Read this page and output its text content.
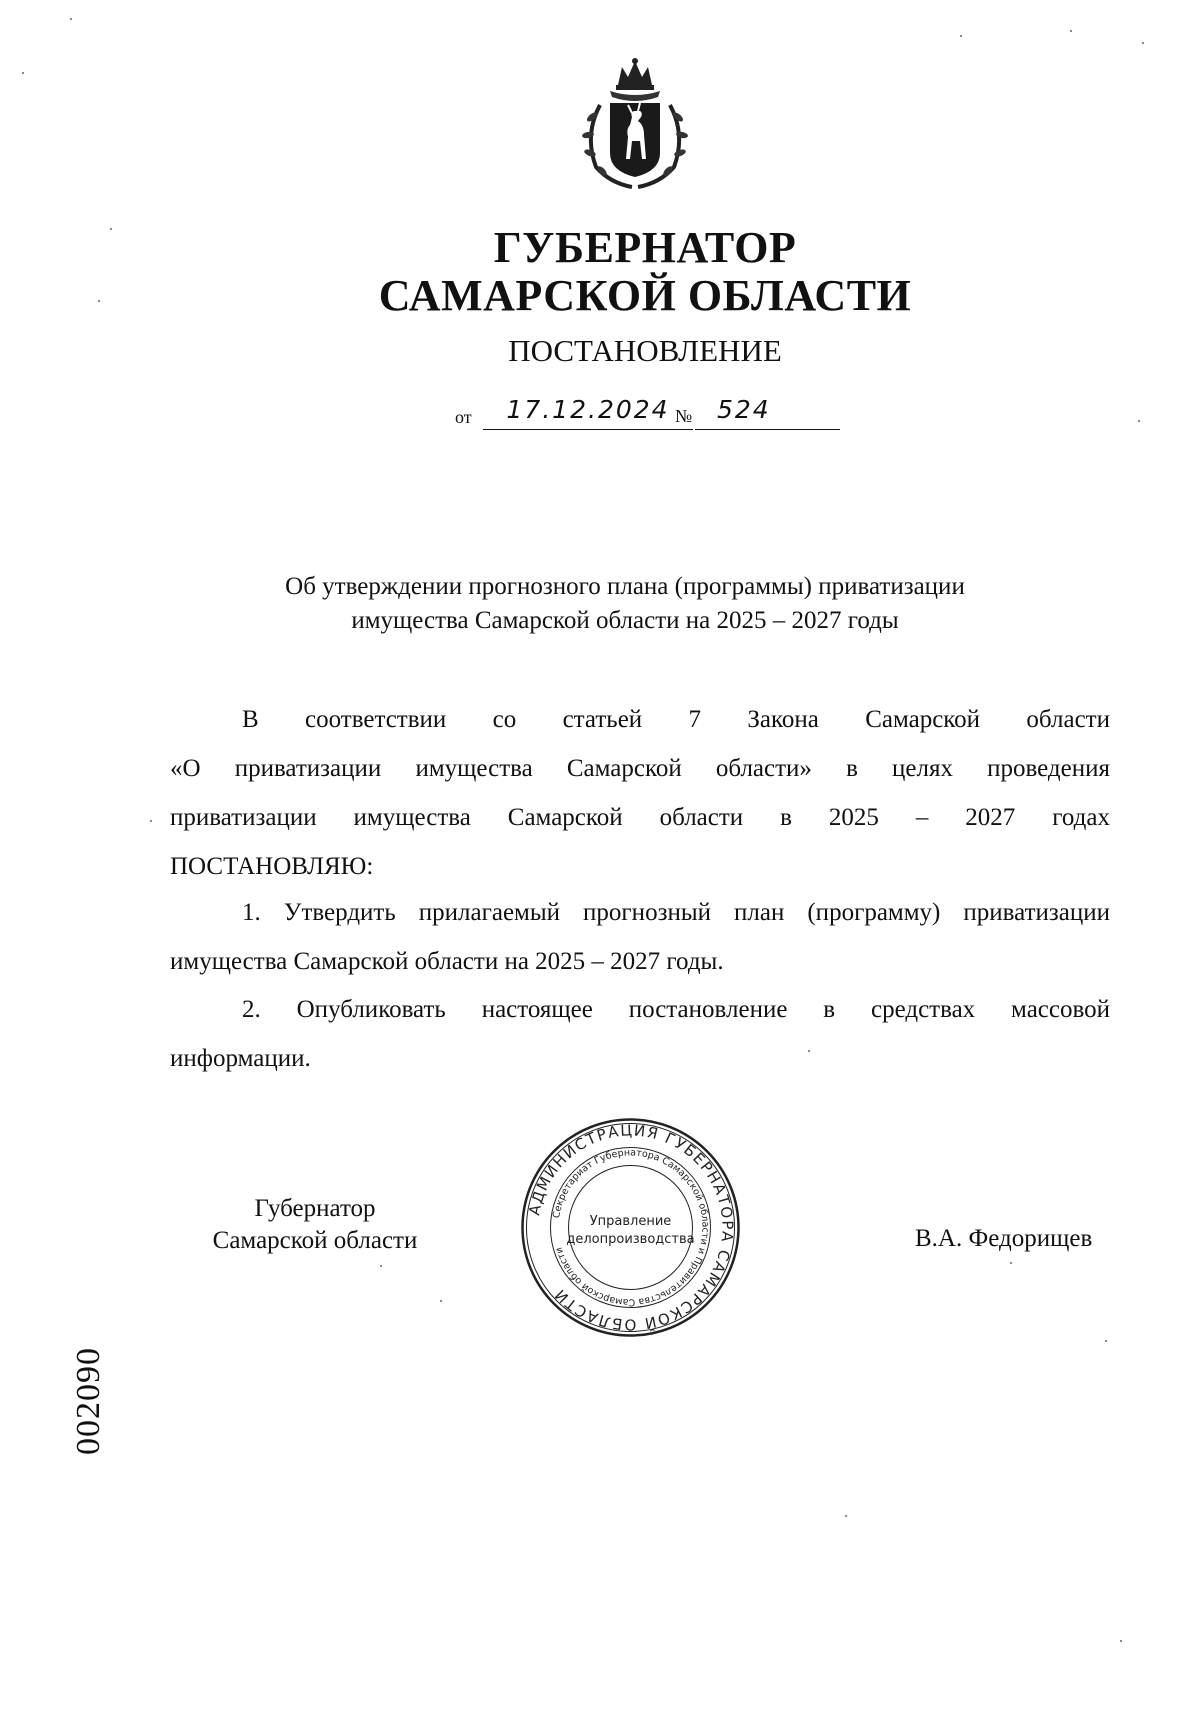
ГУБЕРНАТОР
САМАРСКОЙ ОБЛАСТИ
ПОСТАНОВЛЕНИЕ
от	17.12.2024 № 524
Об утверждении прогнозного плана (программы) приватизации
имущества Самарской области на 2025 – 2027 годы
В соответствии со статьей 7 Закона Самарской области
«О приватизации имущества Самарской области» в целях проведения
приватизации имущества Самарской области в 2025 – 2027 годах
ПОСТАНОВЛЯЮ:
1. Утвердить прилагаемый прогнозный план (программу) приватизации
имущества Самарской области на 2025 – 2027 годы.
2. Опубликовать настоящее постановление в средствах массовой
информации.
Губернатор
Самарской области	В.А. Федорищев
АДМИНИСТРАЦИЯ ГУБЕРНАТОРА САМАРСКОЙ ОБЛАСТИ
Секретариат Губернатора Самарской области и Правительства Самарской области
Управление
делопроизводства
002090
